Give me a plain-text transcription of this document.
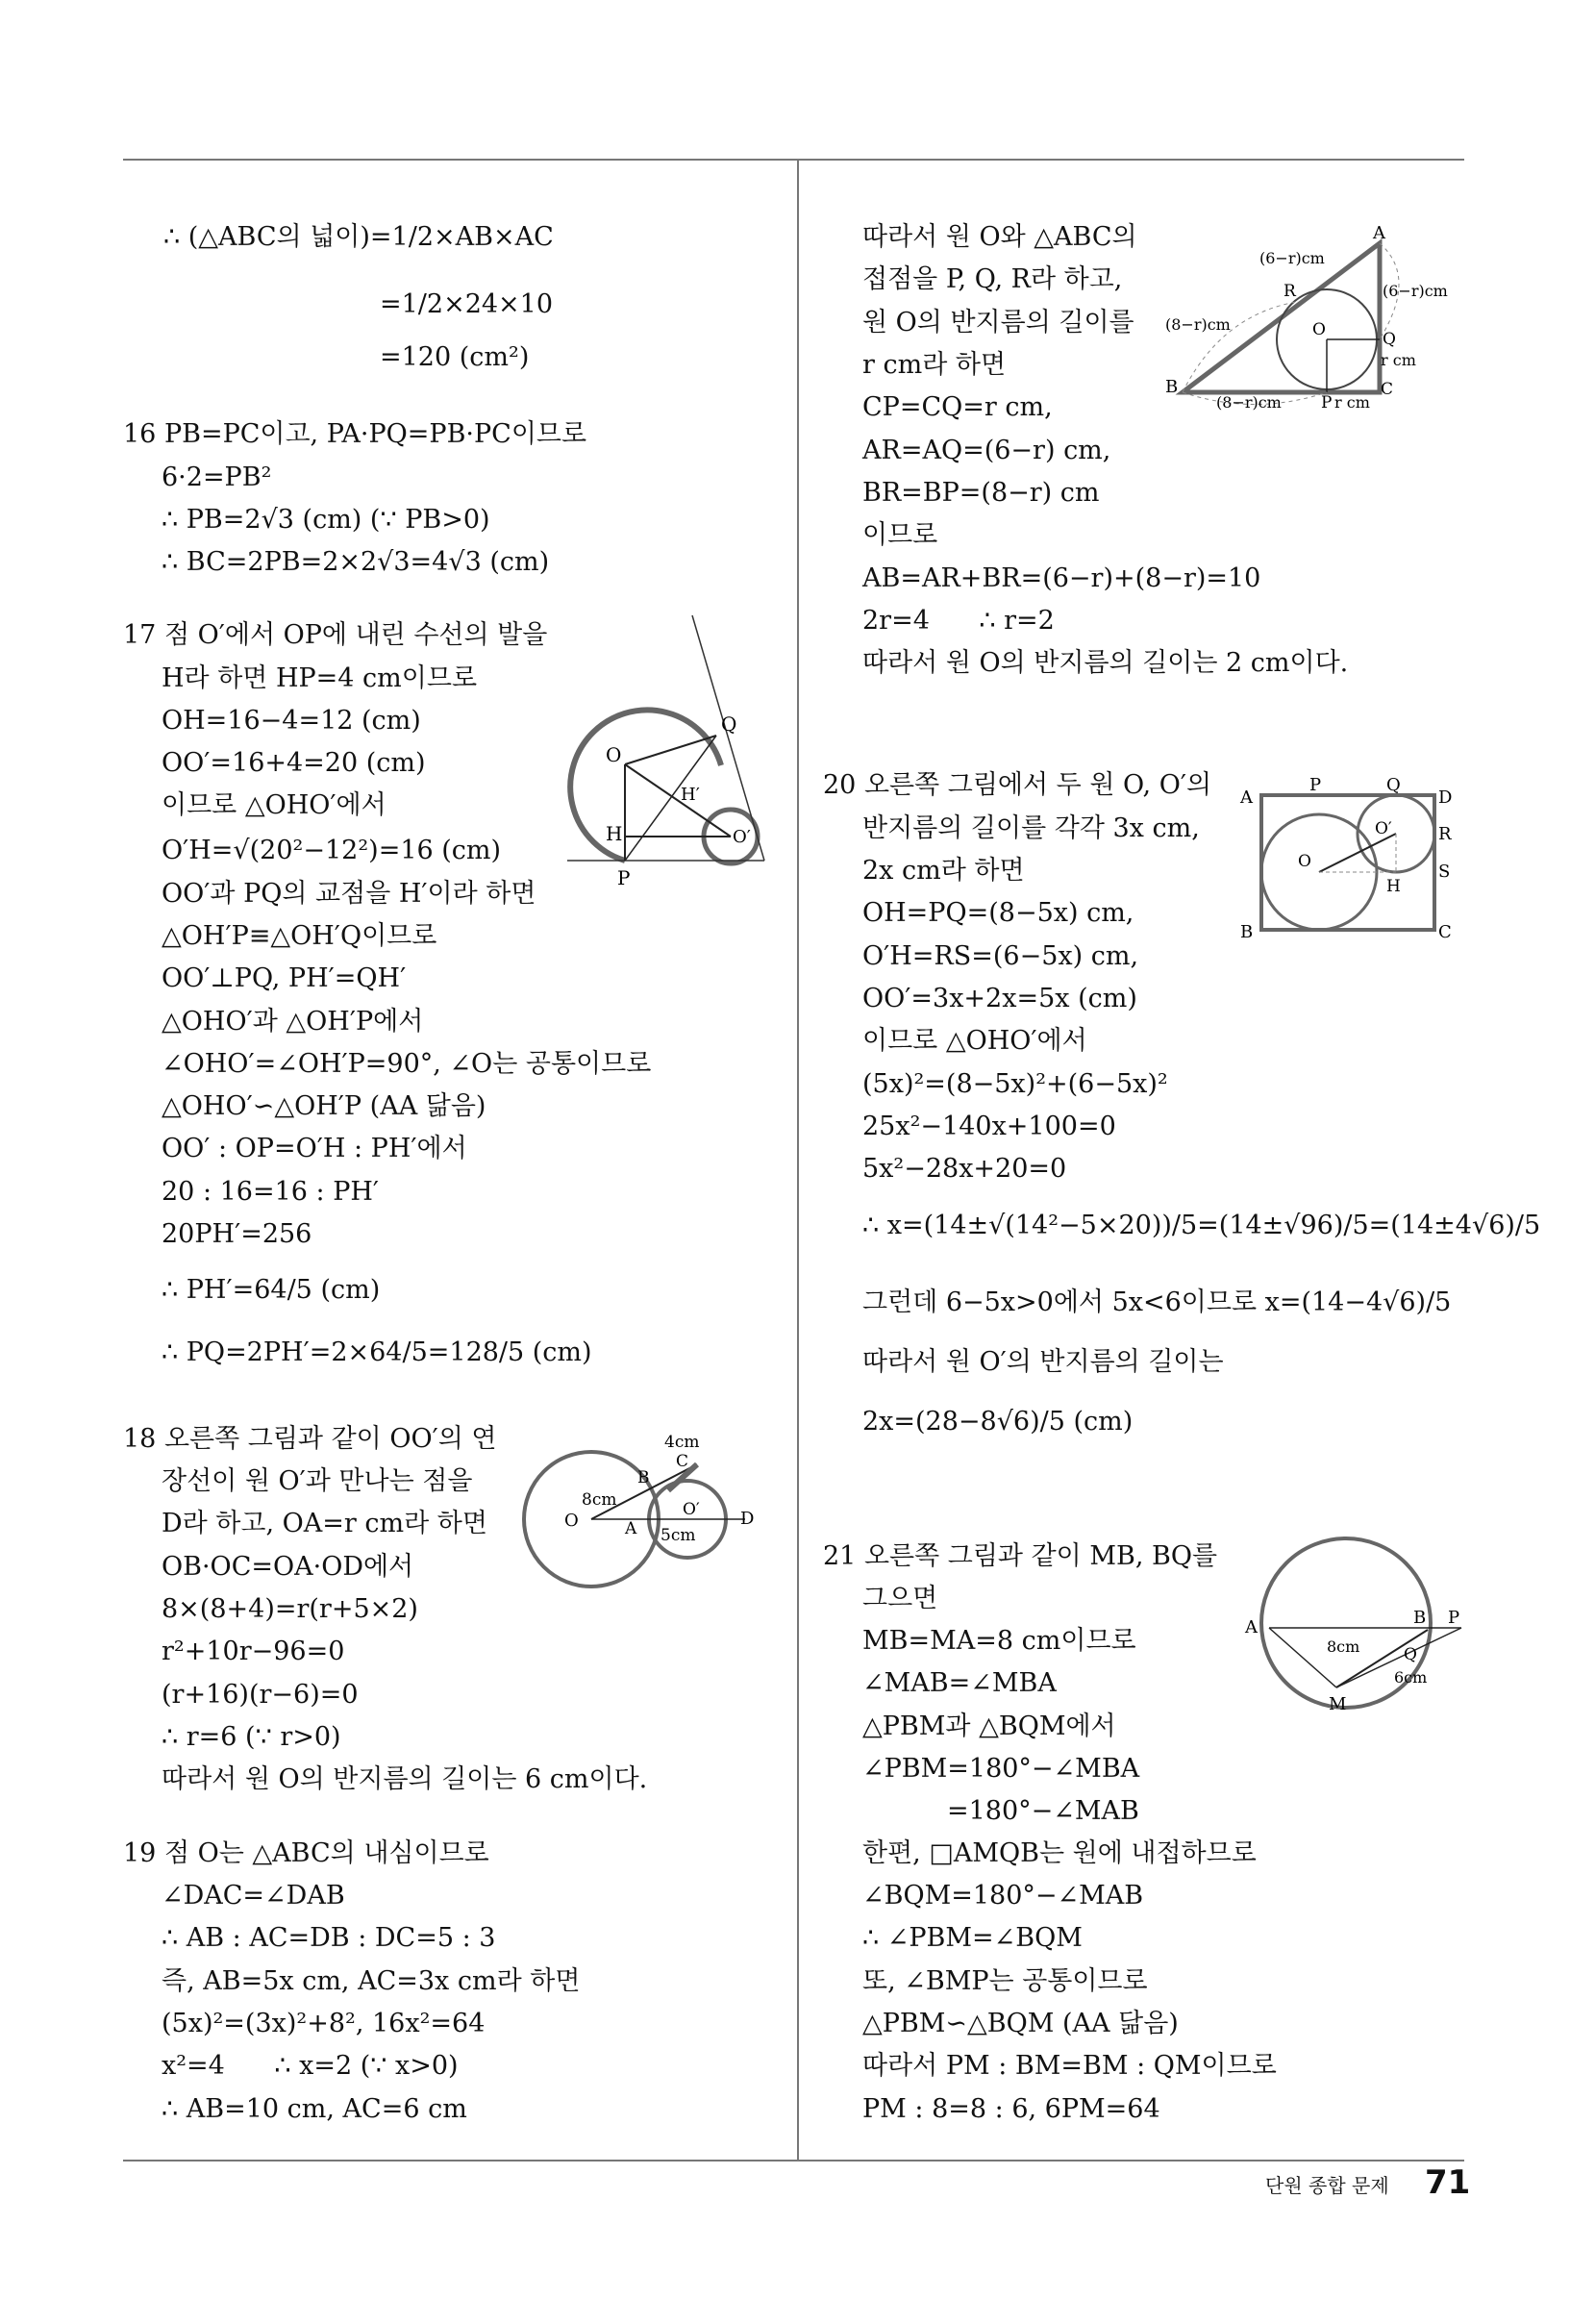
∴ (△ABC의 넓이)=1/2×AB×AC
=1/2×24×10
=120 (cm²)
16 PB=PC이고, PA·PQ=PB·PC이므로
6·2=PB²
∴ PB=2√3 (cm) (∵ PB>0)
∴ BC=2PB=2×2√3=4√3 (cm)
17 점 O′에서 OP에 내린 수선의 발을
H라 하면 HP=4 cm이므로
OH=16−4=12 (cm)
OO′=16+4=20 (cm)
이므로 △OHO′에서
O′H=√(20²−12²)=16 (cm)
OO′과 PQ의 교점을 H′이라 하면
△OH′P≡△OH′Q이므로
OO′⊥PQ, PH′=QH′
△OHO′과 △OH′P에서
∠OHO′=∠OH′P=90°, ∠O는 공통이므로
△OHO′∽△OH′P (AA 닮음)
OO′ : OP=O′H : PH′에서
20 : 16=16 : PH′
20PH′=256
∴ PH′=64/5 (cm)
∴ PQ=2PH′=2×64/5=128/5 (cm)
18 오른쪽 그림과 같이 OO′의 연
장선이 원 O′과 만나는 점을
D라 하고, OA=r cm라 하면
OB·OC=OA·OD에서
8×(8+4)=r(r+5×2)
r²+10r−96=0
(r+16)(r−6)=0
∴ r=6 (∵ r>0)
따라서 원 O의 반지름의 길이는 6 cm이다.
19 점 O는 △ABC의 내심이므로
∠DAC=∠DAB
∴ AB : AC=DB : DC=5 : 3
즉, AB=5x cm, AC=3x cm라 하면
(5x)²=(3x)²+8², 16x²=64
x²=4      ∴ x=2 (∵ x>0)
∴ AB=10 cm, AC=6 cm
따라서 원 O와 △ABC의
접점을 P, Q, R라 하고,
원 O의 반지름의 길이를
r cm라 하면
CP=CQ=r cm,
AR=AQ=(6−r) cm,
BR=BP=(8−r) cm
이므로
AB=AR+BR=(6−r)+(8−r)=10
2r=4      ∴ r=2
따라서 원 O의 반지름의 길이는 2 cm이다.
20 오른쪽 그림에서 두 원 O, O′의
반지름의 길이를 각각 3x cm,
2x cm라 하면
OH=PQ=(8−5x) cm,
O′H=RS=(6−5x) cm,
OO′=3x+2x=5x (cm)
이므로 △OHO′에서
(5x)²=(8−5x)²+(6−5x)²
25x²−140x+100=0
5x²−28x+20=0
∴ x=(14±√(14²−5×20))/5=(14±√96)/5=(14±4√6)/5
그런데 6−5x>0에서 5x<6이므로 x=(14−4√6)/5
따라서 원 O′의 반지름의 길이는
2x=(28−8√6)/5 (cm)
21 오른쪽 그림과 같이 MB, BQ를
그으면
MB=MA=8 cm이므로
∠MAB=∠MBA
△PBM과 △BQM에서
∠PBM=180°−∠MBA
=180°−∠MAB
한편, □AMQB는 원에 내접하므로
∠BQM=180°−∠MAB
∴ ∠PBM=∠BQM
또, ∠BMP는 공통이므로
△PBM∽△BQM (AA 닮음)
따라서 PM : BM=BM : QM이므로
PM : 8=8 : 6, 6PM=64
O
Q
H′
H	O′
P
4cm
C
B
8cm
O	A
O′ D
5cm
A
R
(6−r)cm
(6−r)cm
(8−r)cm	O	Q
r cm
B
(8−r)cm P r cm
C
A
P	Q
D
O′	R
O
H
S
B	C
A	B P
8cm	Q
6cm
M
단원 종합 문제 71
